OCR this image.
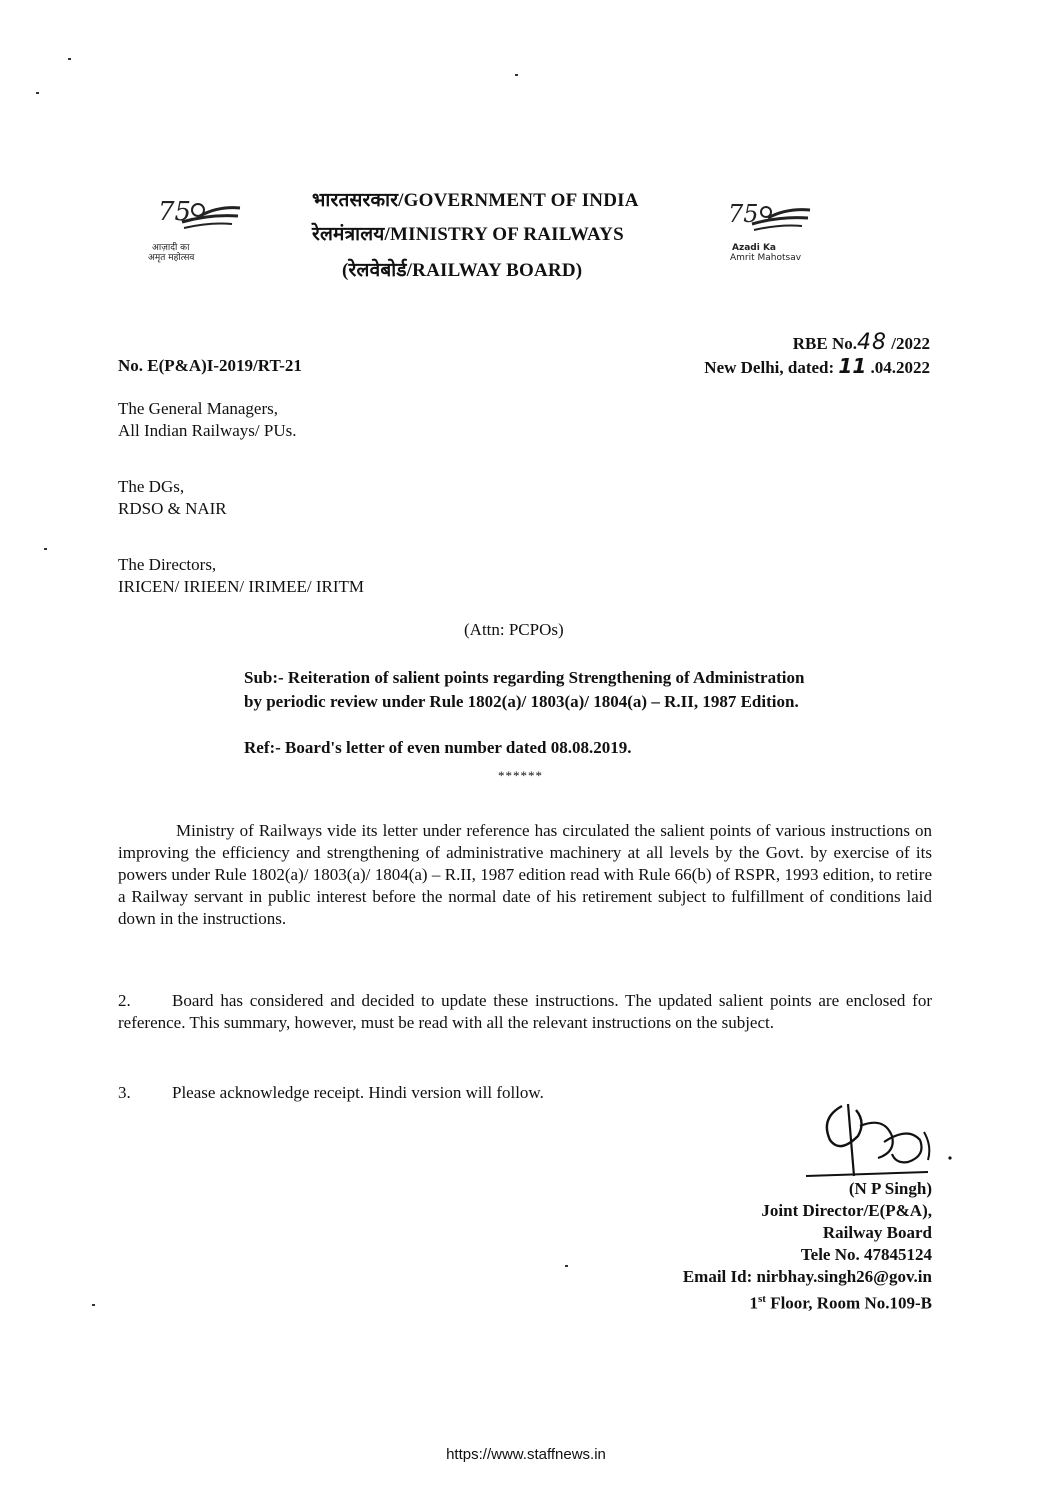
75
आज़ादी का
अमृत महोत्सव
75
Azadi Ka
Amrit Mahotsav
भारतसरकार/GOVERNMENT OF INDIA
रेलमंत्रालय/MINISTRY OF RAILWAYS
(रेलवेबोर्ड/RAILWAY BOARD)
RBE No.48 /2022
New Delhi, dated: 11 .04.2022
No. E(P&A)I-2019/RT-21
The General Managers,
All Indian Railways/ PUs.
The DGs,
RDSO & NAIR
The Directors,
IRICEN/ IRIEEN/ IRIMEE/ IRITM
(Attn: PCPOs)
Sub:- Reiteration of salient points regarding Strengthening of Administration
by periodic review under Rule 1802(a)/ 1803(a)/ 1804(a) – R.II, 1987 Edition.
Ref:- Board's letter of even number dated 08.08.2019.
******
Ministry of Railways vide its letter under reference has circulated the salient points of various instructions on improving the efficiency and strengthening of administrative machinery at all levels by the Govt. by exercise of its powers under Rule 1802(a)/ 1803(a)/ 1804(a) – R.II, 1987 edition read with Rule 66(b) of RSPR, 1993 edition, to retire a Railway servant in public interest before the normal date of his retirement subject to fulfillment of conditions laid down in the instructions.
2. Board has considered and decided to update these instructions. The updated salient points are enclosed for reference. This summary, however, must be read with all the relevant instructions on the subject.
3. Please acknowledge receipt. Hindi version will follow.
(N P Singh)
Joint Director/E(P&A),
Railway Board
Tele No. 47845124
Email Id: nirbhay.singh26@gov.in
1st Floor, Room No.109-B
https://www.staffnews.in
